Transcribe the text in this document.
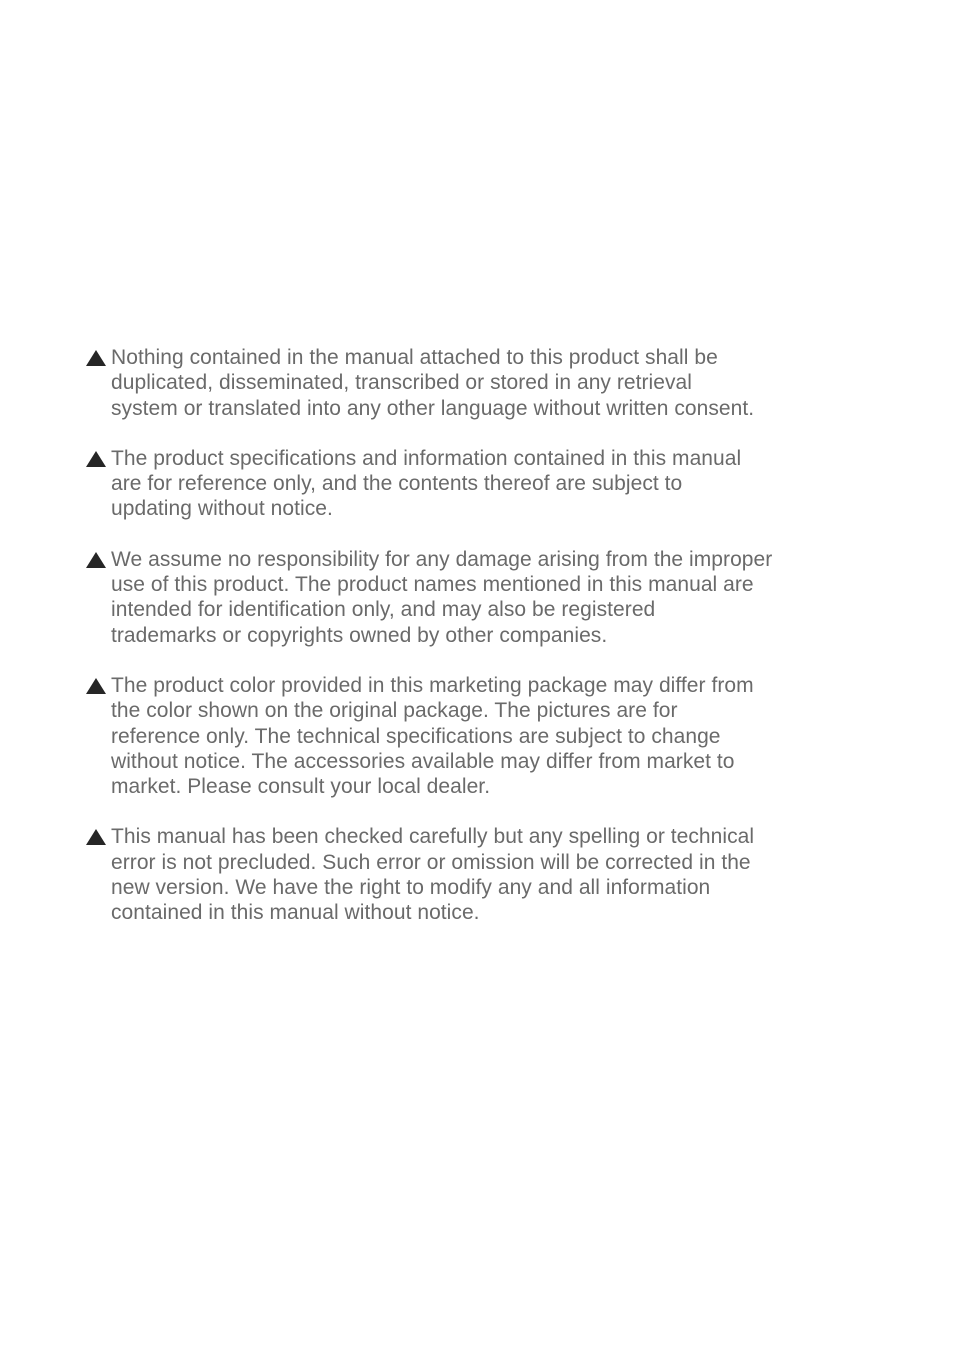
Nothing contained in the manual attached to this product shall be
duplicated, disseminated, transcribed or stored in any retrieval
system or translated into any other language without written consent.
The product specifications and information contained in this manual
are for reference only, and the contents thereof are subject to
updating without notice.
We assume no responsibility for any damage arising from the improper
use of this product. The product names mentioned in this manual are
intended for identification only, and may also be registered
trademarks or copyrights owned by other companies.
The product color provided in this marketing package may differ from
the color shown on the original package. The pictures are for
reference only. The technical specifications are subject to change
without notice. The accessories available may differ from market to
market. Please consult your local dealer.
This manual has been checked carefully but any spelling or technical
error is not precluded. Such error or omission will be corrected in the
new version. We have the right to modify any and all information
contained in this manual without notice.
